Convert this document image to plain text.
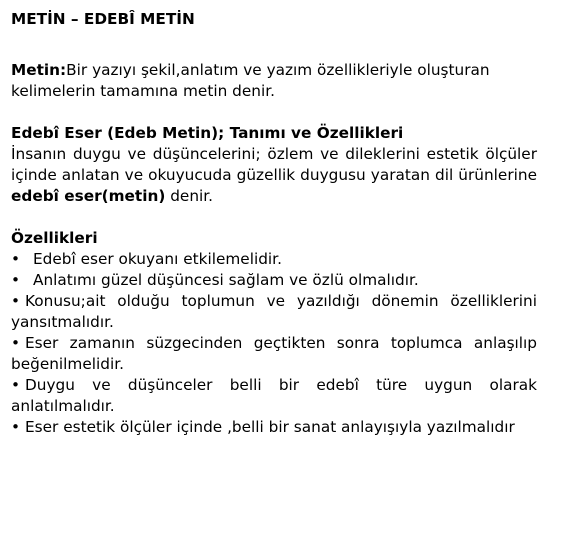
METİN – EDEBÎ METİN

Metin:Bir yazıyı şekil,anlatım ve yazım özellikleriyle oluşturan kelimelerin tamamına metin denir.

Edebî Eser (Edeb Metin); Tanımı ve Özellikleri

İnsanın duygu ve düşüncelerini; özlem ve dileklerini estetik ölçüler içinde anlatan ve okuyucuda güzellik duygusu yaratan dil ürünlerine edebî eser(metin) denir.

Özellikleri
• Edebî eser okuyanı etkilemelidir.
• Anlatımı güzel düşüncesi sağlam ve özlü olmalıdır.
• Konusu;ait olduğu toplumun ve yazıldığı dönemin özelliklerini yansıtmalıdır.
• Eser zamanın süzgecinden geçtikten sonra toplumca anlaşılıp beğenilmelidir.
• Duygu ve düşünceler belli bir edebî türe uygun olarak anlatılmalıdır.
• Eser estetik ölçüler içinde ,belli bir sanat anlayışıyla yazılmalıdır
